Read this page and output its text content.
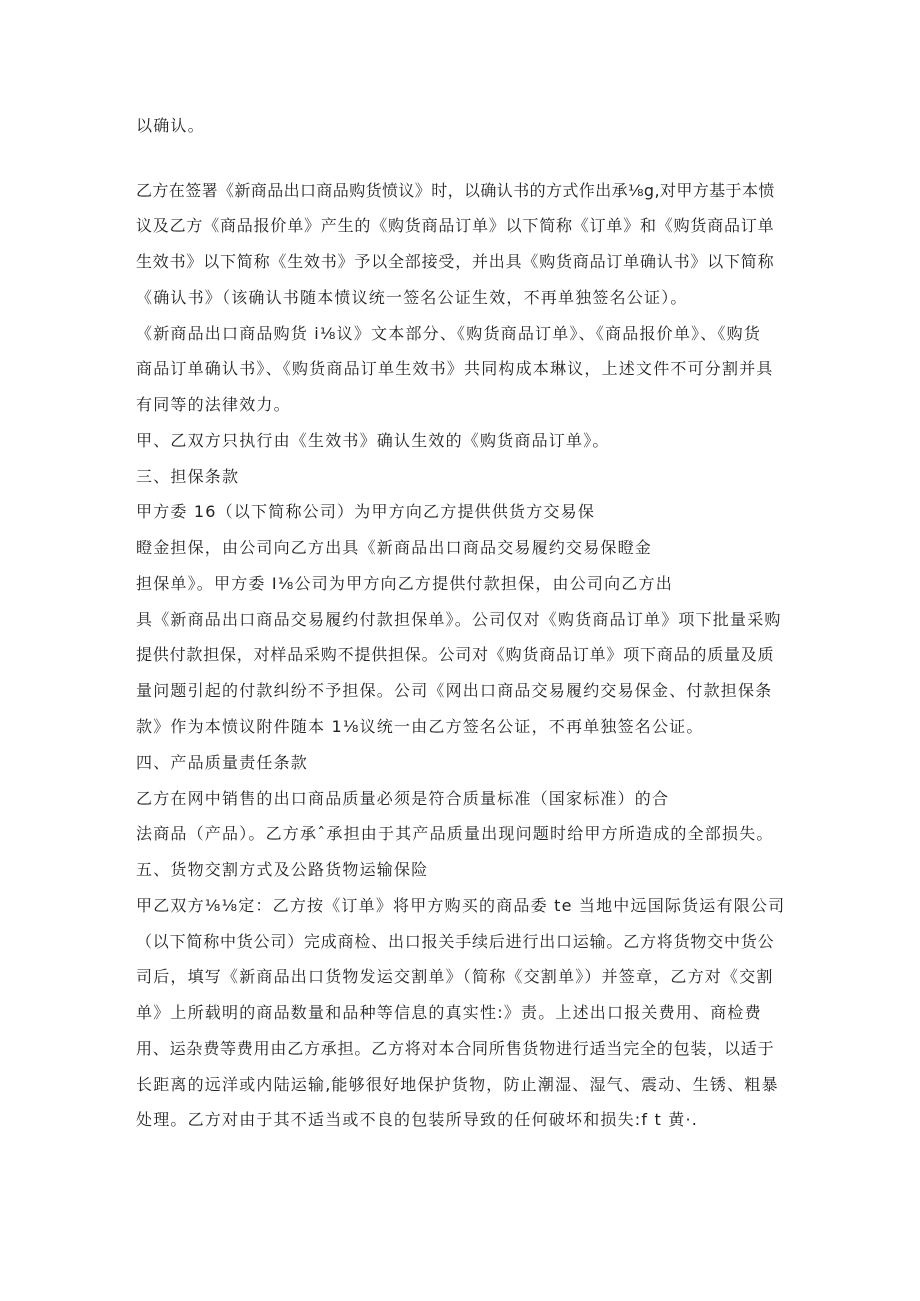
以确认。
乙方在签署《新商品出口商品购货愤议》时，以确认书的方式作出承⅛g,对甲方基于本愤
议及乙方《商品报价单》产生的《购货商品订单》以下简称《订单》和《购货商品订单
生效书》以下简称《生效书》予以全部接受，并出具《购货商品订单确认书》以下简称
《确认书》（该确认书随本愤议统一签名公证生效，不再单独签名公证）。
《新商品出口商品购货 i⅛议》文本部分、《购货商品订单》、《商品报价单》、《购货
商品订单确认书》、《购货商品订单生效书》共同构成本琳议，上述文件不可分割并具
有同等的法律效力。
甲、乙双方只执行由《生效书》确认生效的《购货商品订单》。
三、担保条款
甲方委 16（以下简称公司）为甲方向乙方提供供货方交易保
瞪金担保，由公司向乙方出具《新商品出口商品交易履约交易保瞪金
担保单》。甲方委 I⅛公司为甲方向乙方提供付款担保，由公司向乙方出
具《新商品出口商品交易履约付款担保单》。公司仅对《购货商品订单》项下批量采购
提供付款担保，对样品采购不提供担保。公司对《购货商品订单》项下商品的质量及质
量问题引起的付款纠纷不予担保。公司《网出口商品交易履约交易保金、付款担保条
款》作为本愤议附件随本 1⅛议统一由乙方签名公证，不再单独签名公证。
四、产品质量责任条款
乙方在网中销售的出口商品质量必须是符合质量标准（国家标准）的合
法商品（产品）。乙方承ˆ承担由于其产品质量出现问题时给甲方所造成的全部损失。
五、货物交割方式及公路货物运输保险
甲乙双方⅛⅛定：乙方按《订单》将甲方购买的商品委 te 当地中远国际货运有限公司
（以下简称中货公司）完成商检、出口报关手续后进行出口运输。乙方将货物交中货公
司后，填写《新商品出口货物发运交割单》（简称《交割单》）并签章，乙方对《交割
单》上所载明的商品数量和品种等信息的真实性:》责。上述出口报关费用、商检费
用、运杂费等费用由乙方承担。乙方将对本合同所售货物进行适当完全的包装，以适于
长距离的远洋或内陆运输,能够很好地保护货物，防止潮湿、湿气、震动、生锈、粗暴
处理。乙方对由于其不适当或不良的包装所导致的任何破坏和损失:f t 黄·.
